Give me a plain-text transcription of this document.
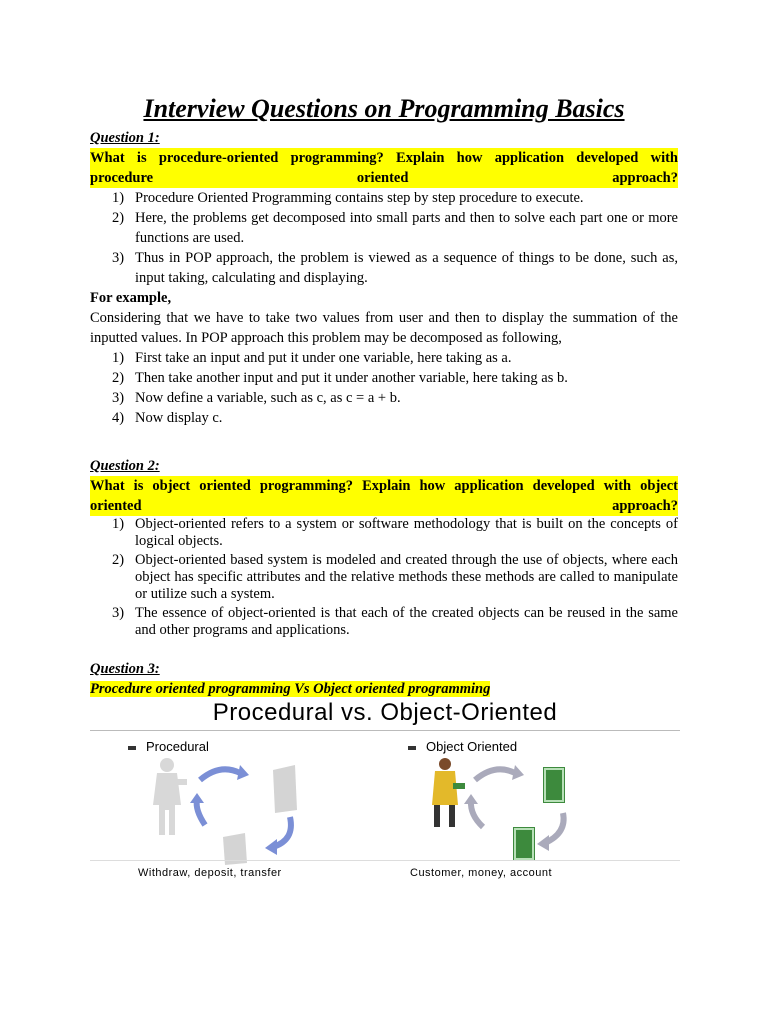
Interview Questions on Programming Basics
Question 1:
What is procedure-oriented programming? Explain how application developed with
procedure oriented approach?
1) Procedure Oriented Programming contains step by step procedure to execute.
2) Here, the problems get decomposed into small parts and then to solve each part one or more functions are used.
3) Thus in POP approach, the problem is viewed as a sequence of things to be done, such as, input taking, calculating and displaying.
For example,
Considering that we have to take two values from user and then to display the summation of the inputted values. In POP approach this problem may be decomposed as following,
1) First take an input and put it under one variable, here taking as a.
2) Then take another input and put it under another variable, here taking as b.
3) Now define a variable, such as c, as c = a + b.
4) Now display c.
Question 2:
What is object oriented programming? Explain how application developed with object
oriented approach?
1) Object-oriented refers to a system or software methodology that is built on the concepts of logical objects.
2) Object-oriented based system is modeled and created through the use of objects, where each object has specific attributes and the relative methods these methods are called to manipulate or utilize such a system.
3) The essence of object-oriented is that each of the created objects can be reused in the same and other programs and applications.
Question 3:
Procedure oriented programming Vs Object oriented programming
Procedural vs. Object-Oriented
Procedural	Object Oriented
Withdraw, deposit, transfer	Customer, money, account
